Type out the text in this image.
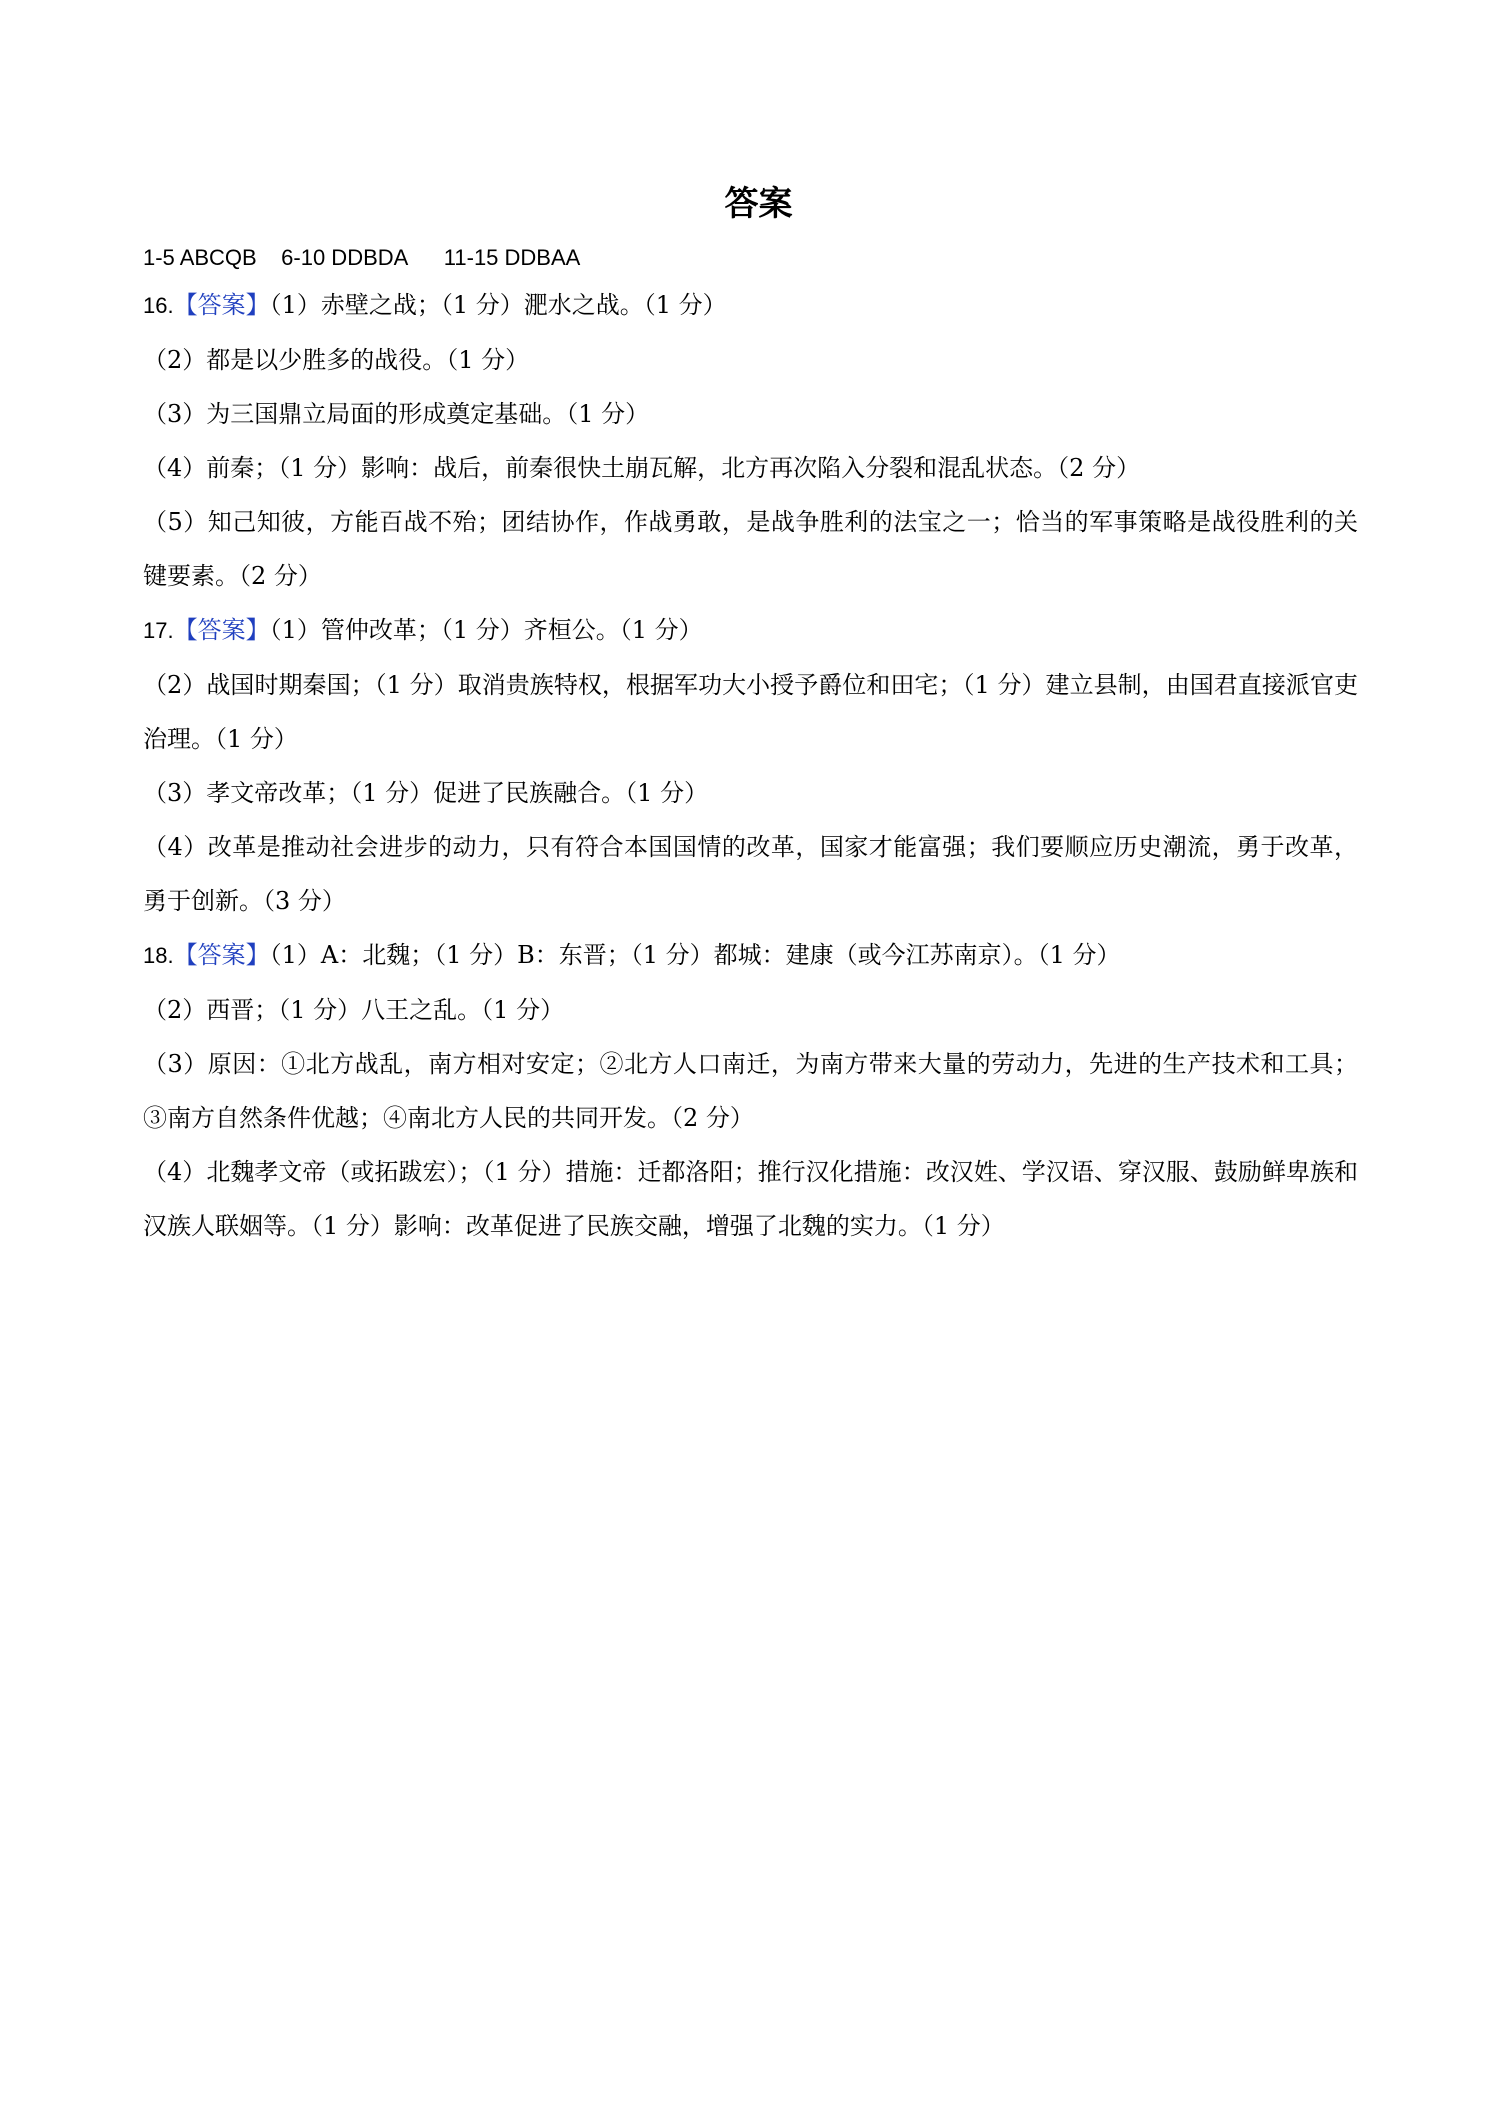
答案
1-5 ABCQB    6-10 DDBDA      11-15 DDBAA
16.【答案】（1）赤壁之战；（1 分）淝水之战。（1 分）
（2）都是以少胜多的战役。（1 分）
（3）为三国鼎立局面的形成奠定基础。（1 分）
（4）前秦；（1 分）影响：战后，前秦很快土崩瓦解，北方再次陷入分裂和混乱状态。（2 分）
（5）知己知彼，方能百战不殆；团结协作，作战勇敢，是战争胜利的法宝之一；恰当的军事策略是战役胜利的关键要素。（2 分）
17.【答案】（1）管仲改革；（1 分）齐桓公。（1 分）
（2）战国时期秦国；（1 分）取消贵族特权，根据军功大小授予爵位和田宅；（1 分）建立县制，由国君直接派官吏治理。（1 分）
（3）孝文帝改革；（1 分）促进了民族融合。（1 分）
（4）改革是推动社会进步的动力，只有符合本国国情的改革，国家才能富强；我们要顺应历史潮流，勇于改革，勇于创新。（3 分）
18.【答案】（1）A：北魏；（1 分）B：东晋；（1 分）都城：建康（或今江苏南京）。（1 分）
（2）西晋；（1 分）八王之乱。（1 分）
（3）原因：①北方战乱，南方相对安定；②北方人口南迁，为南方带来大量的劳动力，先进的生产技术和工具；③南方自然条件优越；④南北方人民的共同开发。（2 分）
（4）北魏孝文帝（或拓跋宏）；（1 分）措施：迁都洛阳；推行汉化措施：改汉姓、学汉语、穿汉服、鼓励鲜卑族和汉族人联姻等。（1 分）影响：改革促进了民族交融，增强了北魏的实力。（1 分）
